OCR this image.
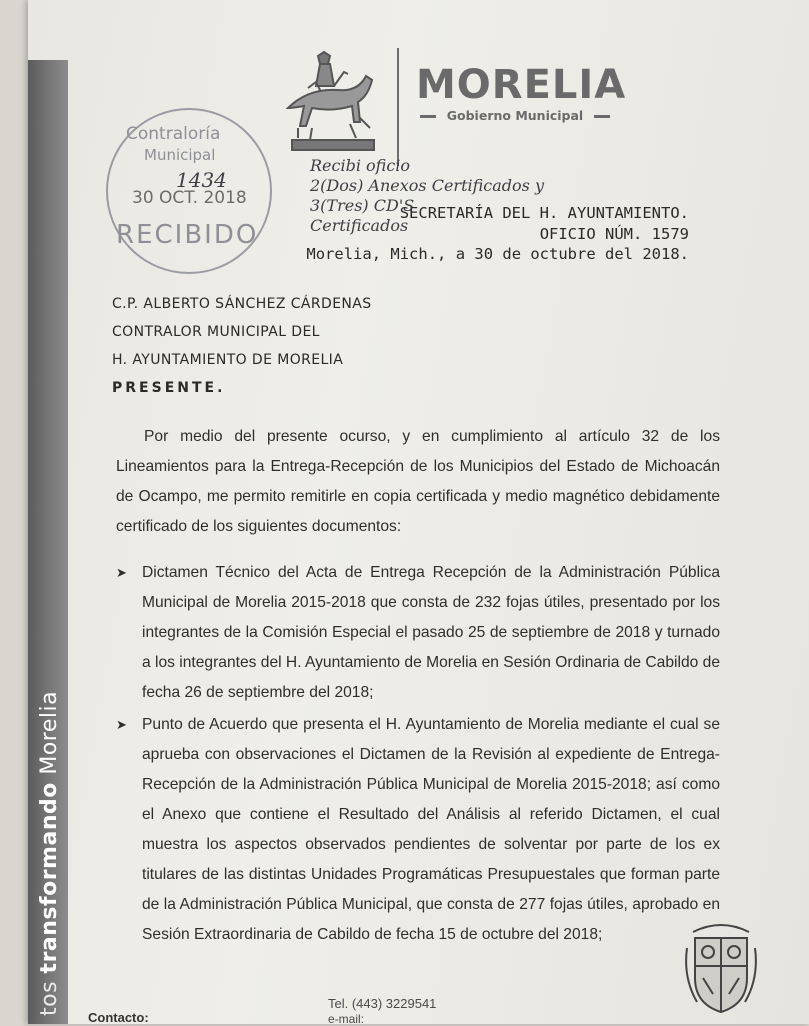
tos transformando Morelia
MORELIA
Gobierno Municipal
Contraloría
Municipal
30 OCT. 2018
RECIBIDO
1434
Recibi oficio
2(Dos) Anexos Certificados y
3(Tres) CD'S
Certificados
SECRETARÍA DEL H. AYUNTAMIENTO.
OFICIO NÚM. 1579
Morelia, Mich., a 30 de octubre del 2018.
C.P. ALBERTO SÁNCHEZ CÁRDENAS
CONTRALOR MUNICIPAL DEL
H. AYUNTAMIENTO DE MORELIA
PRESENTE.
Por medio del presente ocurso, y en cumplimiento al artículo 32 de los Lineamientos para la Entrega-Recepción de los Municipios del Estado de Michoacán de Ocampo, me permito remitirle en copia certificada y medio magnético debidamente certificado de los siguientes documentos:
➤ Dictamen Técnico del Acta de Entrega Recepción de la Administración Pública Municipal de Morelia 2015-2018 que consta de 232 fojas útiles, presentado por los integrantes de la Comisión Especial el pasado 25 de septiembre de 2018 y turnado a los integrantes del H. Ayuntamiento de Morelia en Sesión Ordinaria de Cabildo de fecha 26 de septiembre del 2018;
➤ Punto de Acuerdo que presenta el H. Ayuntamiento de Morelia mediante el cual se aprueba con observaciones el Dictamen de la Revisión al expediente de Entrega-Recepción de la Administración Pública Municipal de Morelia 2015-2018; así como el Anexo que contiene el Resultado del Análisis al referido Dictamen, el cual muestra los aspectos observados pendientes de solventar por parte de los ex titulares de las distintas Unidades Programáticas Presupuestales que forman parte de la Administración Pública Municipal, que consta de 277 fojas útiles, aprobado en Sesión Extraordinaria de Cabildo de fecha 15 de octubre del 2018;
Tel. (443) 3229541
Contacto:	e-mail:
